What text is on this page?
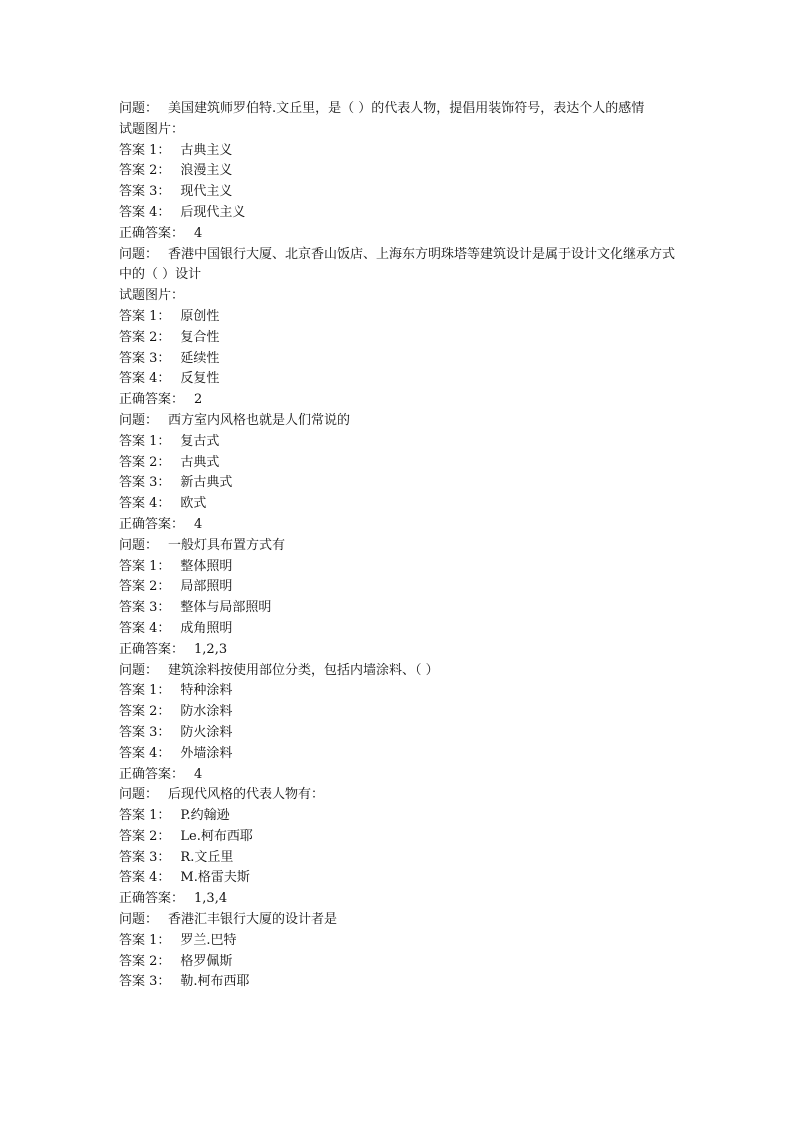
问题： 美国建筑师罗伯特.文丘里，是（ ）的代表人物，提倡用装饰符号，表达个人的感情
试题图片：
答案 1： 古典主义
答案 2： 浪漫主义
答案 3： 现代主义
答案 4： 后现代主义
正确答案： 4
问题： 香港中国银行大厦、北京香山饭店、上海东方明珠塔等建筑设计是属于设计文化继承方式中的（ ）设计
试题图片：
答案 1： 原创性
答案 2： 复合性
答案 3： 延续性
答案 4： 反复性
正确答案： 2
问题： 西方室内风格也就是人们常说的
答案 1： 复古式
答案 2： 古典式
答案 3： 新古典式
答案 4： 欧式
正确答案： 4
问题： 一般灯具布置方式有
答案 1： 整体照明
答案 2： 局部照明
答案 3： 整体与局部照明
答案 4： 成角照明
正确答案： 1,2,3
问题： 建筑涂料按使用部位分类，包括内墙涂料、（ ）
答案 1： 特种涂料
答案 2： 防水涂料
答案 3： 防火涂料
答案 4： 外墙涂料
正确答案： 4
问题： 后现代风格的代表人物有：
答案 1： P.约翰逊
答案 2： Le.柯布西耶
答案 3： R.文丘里
答案 4： M.格雷夫斯
正确答案： 1,3,4
问题： 香港汇丰银行大厦的设计者是
答案 1： 罗兰.巴特
答案 2： 格罗佩斯
答案 3： 勒.柯布西耶
